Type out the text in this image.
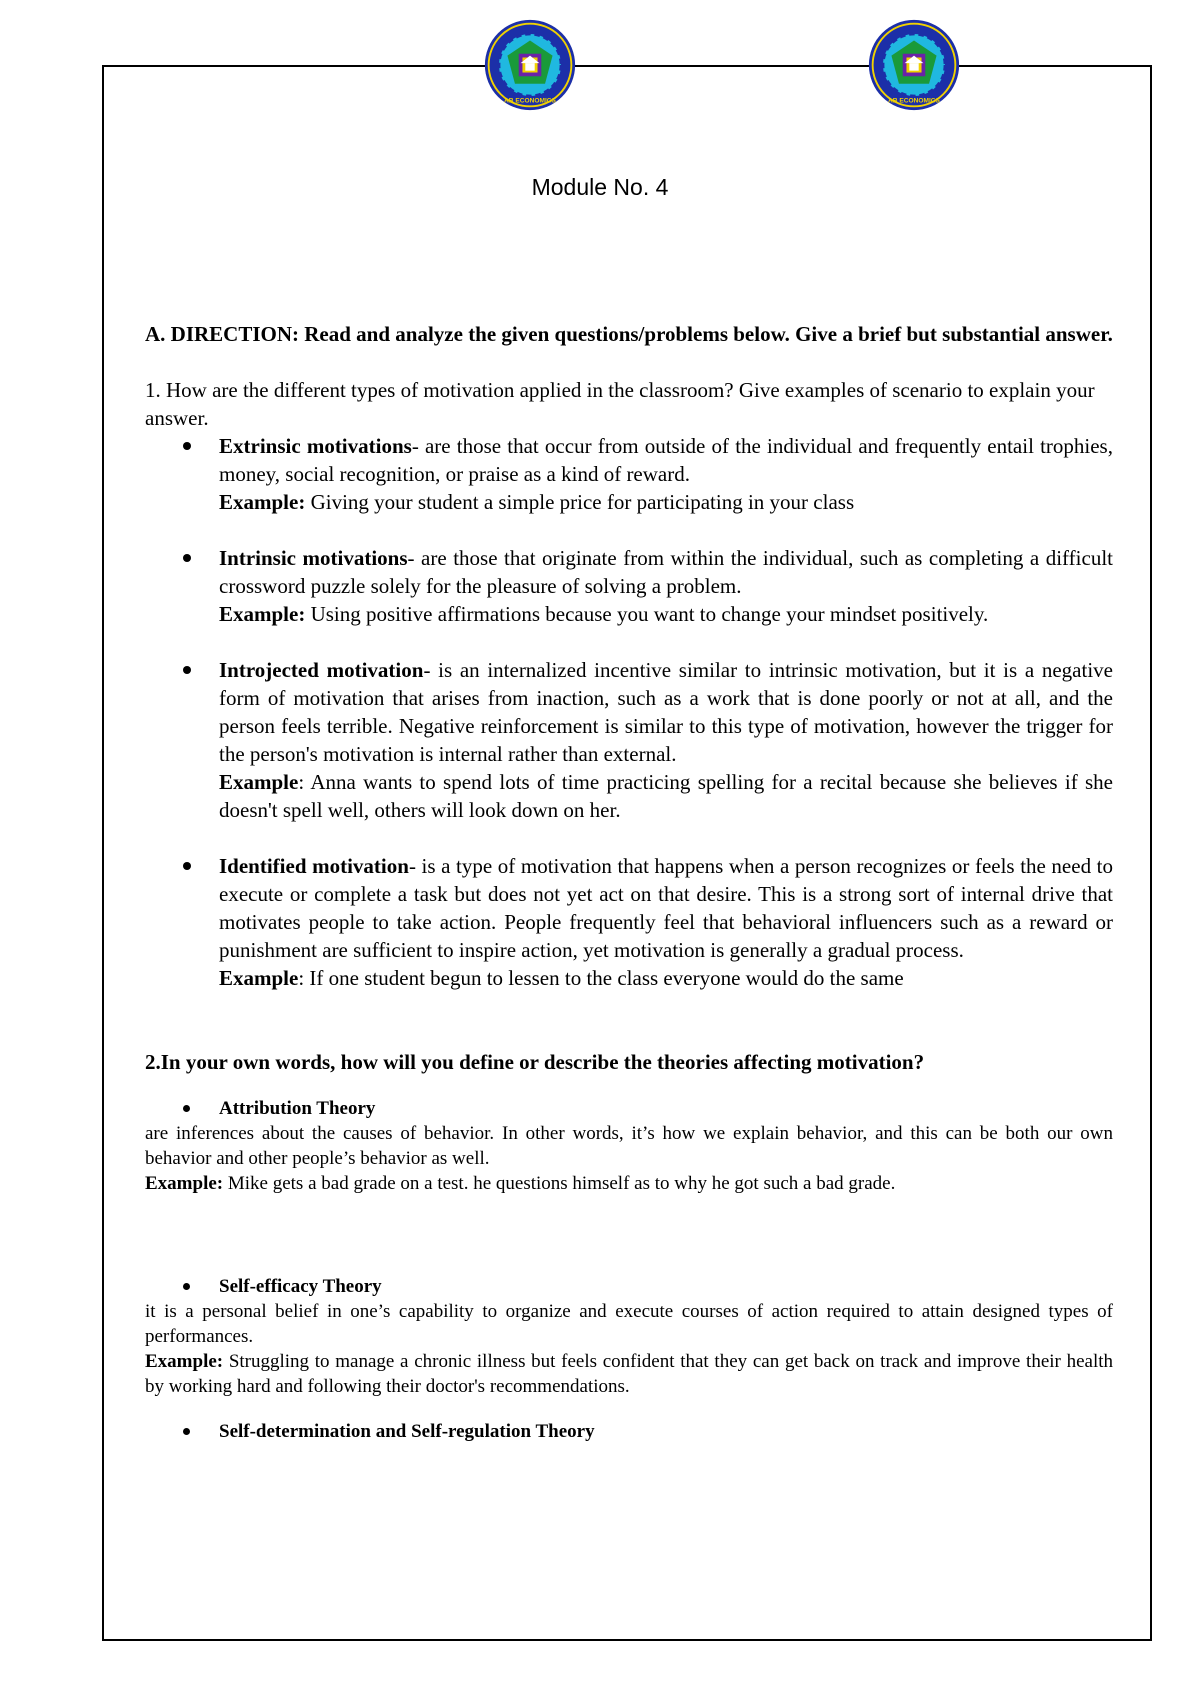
AB ECONOMICS	AB ECONOMICS
Module No. 4

A. DIRECTION: Read and analyze the given questions/problems below. Give a brief but substantial answer.

1. How are the different types of motivation applied in the classroom? Give examples of scenario to explain your answer.

Extrinsic motivations- are those that occur from outside of the individual and frequently entail trophies, money, social recognition, or praise as a kind of reward.
Example: Giving your student a simple price for participating in your class
Intrinsic motivations- are those that originate from within the individual, such as completing a difficult crossword puzzle solely for the pleasure of solving a problem.
Example: Using positive affirmations because you want to change your mindset positively.
Introjected motivation- is an internalized incentive similar to intrinsic motivation, but it is a negative form of motivation that arises from inaction, such as a work that is done poorly or not at all, and the person feels terrible. Negative reinforcement is similar to this type of motivation, however the trigger for the person's motivation is internal rather than external.
Example: Anna wants to spend lots of time practicing spelling for a recital because she believes if she doesn't spell well, others will look down on her.
Identified motivation- is a type of motivation that happens when a person recognizes or feels the need to execute or complete a task but does not yet act on that desire. This is a strong sort of internal drive that motivates people to take action. People frequently feel that behavioral influencers such as a reward or punishment are sufficient to inspire action, yet motivation is generally a gradual process.
Example: If one student begun to lessen to the class everyone would do the same

2.In your own words, how will you define or describe the theories affecting motivation?

Attribution Theory

are inferences about the causes of behavior. In other words, it’s how we explain behavior, and this can be both our own behavior and other people’s behavior as well.

Example: Mike gets a bad grade on a test. he questions himself as to why he got such a bad grade.

Self-efficacy Theory

it is a personal belief in one’s capability to organize and execute courses of action required to attain designed types of performances.

Example: Struggling to manage a chronic illness but feels confident that they can get back on track and improve their health by working hard and following their doctor's recommendations.

Self-determination and Self-regulation Theory
